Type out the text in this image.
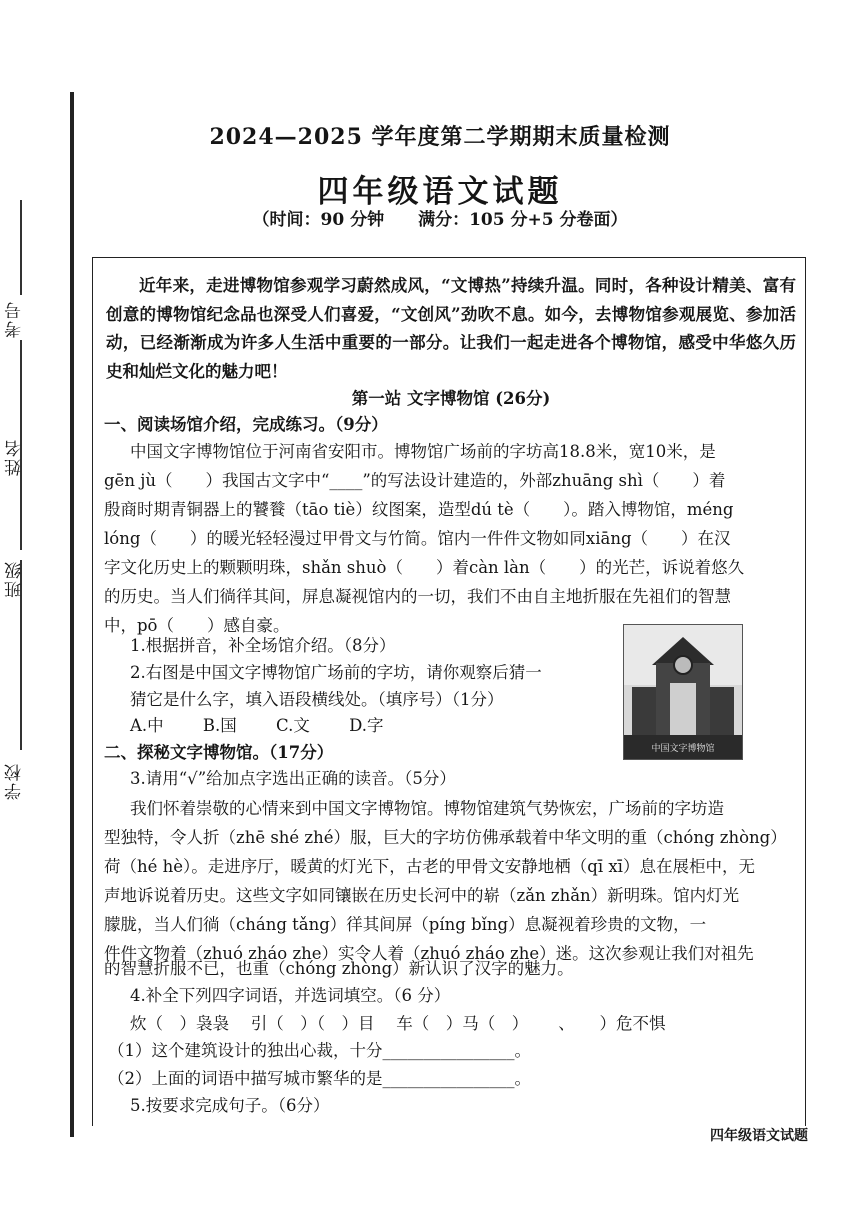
学校
班级
姓名
考号
2024—2025 学年度第二学期期末质量检测
四年级语文试题
（时间：90 分钟　　满分：105 分+5 分卷面）
近年来，走进博物馆参观学习蔚然成风，“文博热”持续升温。同时，各种设计精美、富有创意的博物馆纪念品也深受人们喜爱，“文创风”劲吹不息。如今，去博物馆参观展览、参加活动，已经渐渐成为许多人生活中重要的一部分。让我们一起走进各个博物馆，感受中华悠久历史和灿烂文化的魅力吧！
第一站 文字博物馆 (26分)
一、阅读场馆介绍，完成练习。（9分）
中国文字博物馆位于河南省安阳市。博物馆广场前的字坊高18.8米，宽10米，是
gēn jù（　　）我国古文字中“____”的写法设计建造的，外部zhuāng shì（　　）着
殷商时期青铜器上的饕餮（tāo tiè）纹图案，造型dú tè（　　）。踏入博物馆，méng
lóng（　　）的暖光轻轻漫过甲骨文与竹简。馆内一件件文物如同xiāng（　　）在汉
字文化历史上的颗颗明珠，shǎn shuò（　　）着càn làn（　　）的光芒，诉说着悠久
的历史。当人们徜徉其间，屏息凝视馆内的一切，我们不由自主地折服在先祖们的智慧
中，pō（　　）感自豪。
1.根据拼音，补全场馆介绍。（8分）
2.右图是中国文字博物馆广场前的字坊，请你观察后猜一
猜它是什么字，填入语段横线处。（填序号）（1分）
A.中 B.国 C.文 D.字
中国文字博物馆
二、探秘文字博物馆。（17分）
3.请用“√”给加点字选出正确的读音。（5分）
我们怀着崇敬的心情来到中国文字博物馆。博物馆建筑气势恢宏，广场前的字坊造
型独特，令人折（zhē shé zhé）服，巨大的字坊仿佛承载着中华文明的重（chóng zhòng）
荷（hé hè）。走进序厅，暖黄的灯光下，古老的甲骨文安静地栖（qī xī）息在展柜中，无
声地诉说着历史。这些文字如同镶嵌在历史长河中的崭（zǎn zhǎn）新明珠。馆内灯光
朦胧，当人们徜（cháng tǎng）徉其间屏（píng bǐng）息凝视着珍贵的文物，一
件件文物着（zhuó zháo zhe）实令人着（zhuó zháo zhe）迷。这次参观让我们对祖先
的智慧折服不已，也重（chóng zhòng）新认识了汉字的魅力。
4.补全下列四字词语，并选词填空。（6 分）
炊（　）袅袅　 引（　）（　）目　 车（　）马（　）　　 、　　）危不惧
（1）这个建筑设计的独出心裁，十分________________。
（2）上面的词语中描写城市繁华的是________________。
5.按要求完成句子。（6分）
四年级语文试题
